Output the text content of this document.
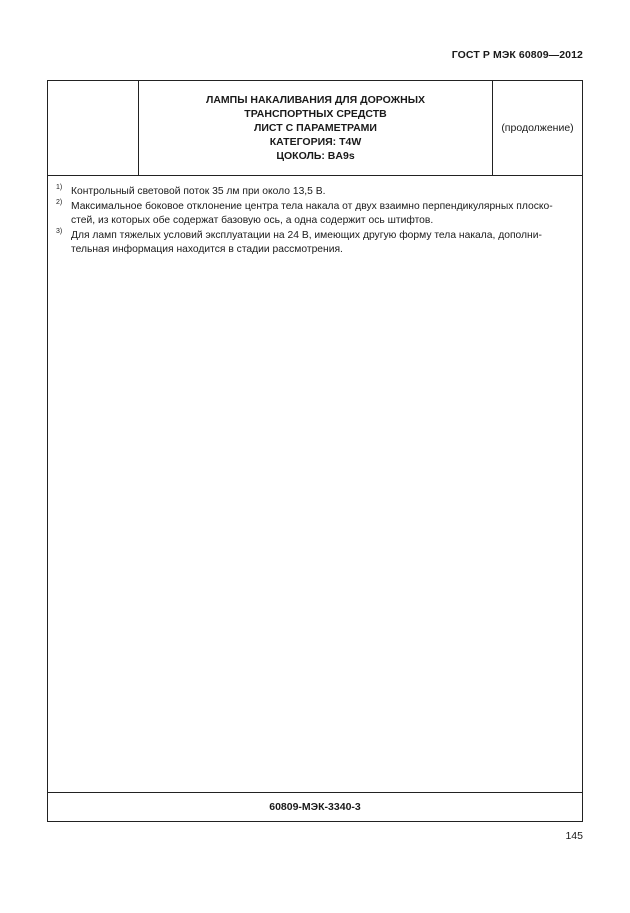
ГОСТ Р МЭК 60809—2012
ЛАМПЫ НАКАЛИВАНИЯ ДЛЯ ДОРОЖНЫХ
ТРАНСПОРТНЫХ СРЕДСТВ
ЛИСТ С ПАРАМЕТРАМИ
КАТЕГОРИЯ: T4W
ЦОКОЛЬ: BA9s
(продолжение)
1) Контрольный световой поток 35 лм при около 13,5 В.
2) Максимальное боковое отклонение центра тела накала от двух взаимно перпендикулярных плоско-
стей, из которых обе содержат базовую ось, а одна содержит ось штифтов.
3) Для ламп тяжелых условий эксплуатации на 24 В, имеющих другую форму тела накала, дополни-
тельная информация находится в стадии рассмотрения.
60809-МЭК-3340-3
145
